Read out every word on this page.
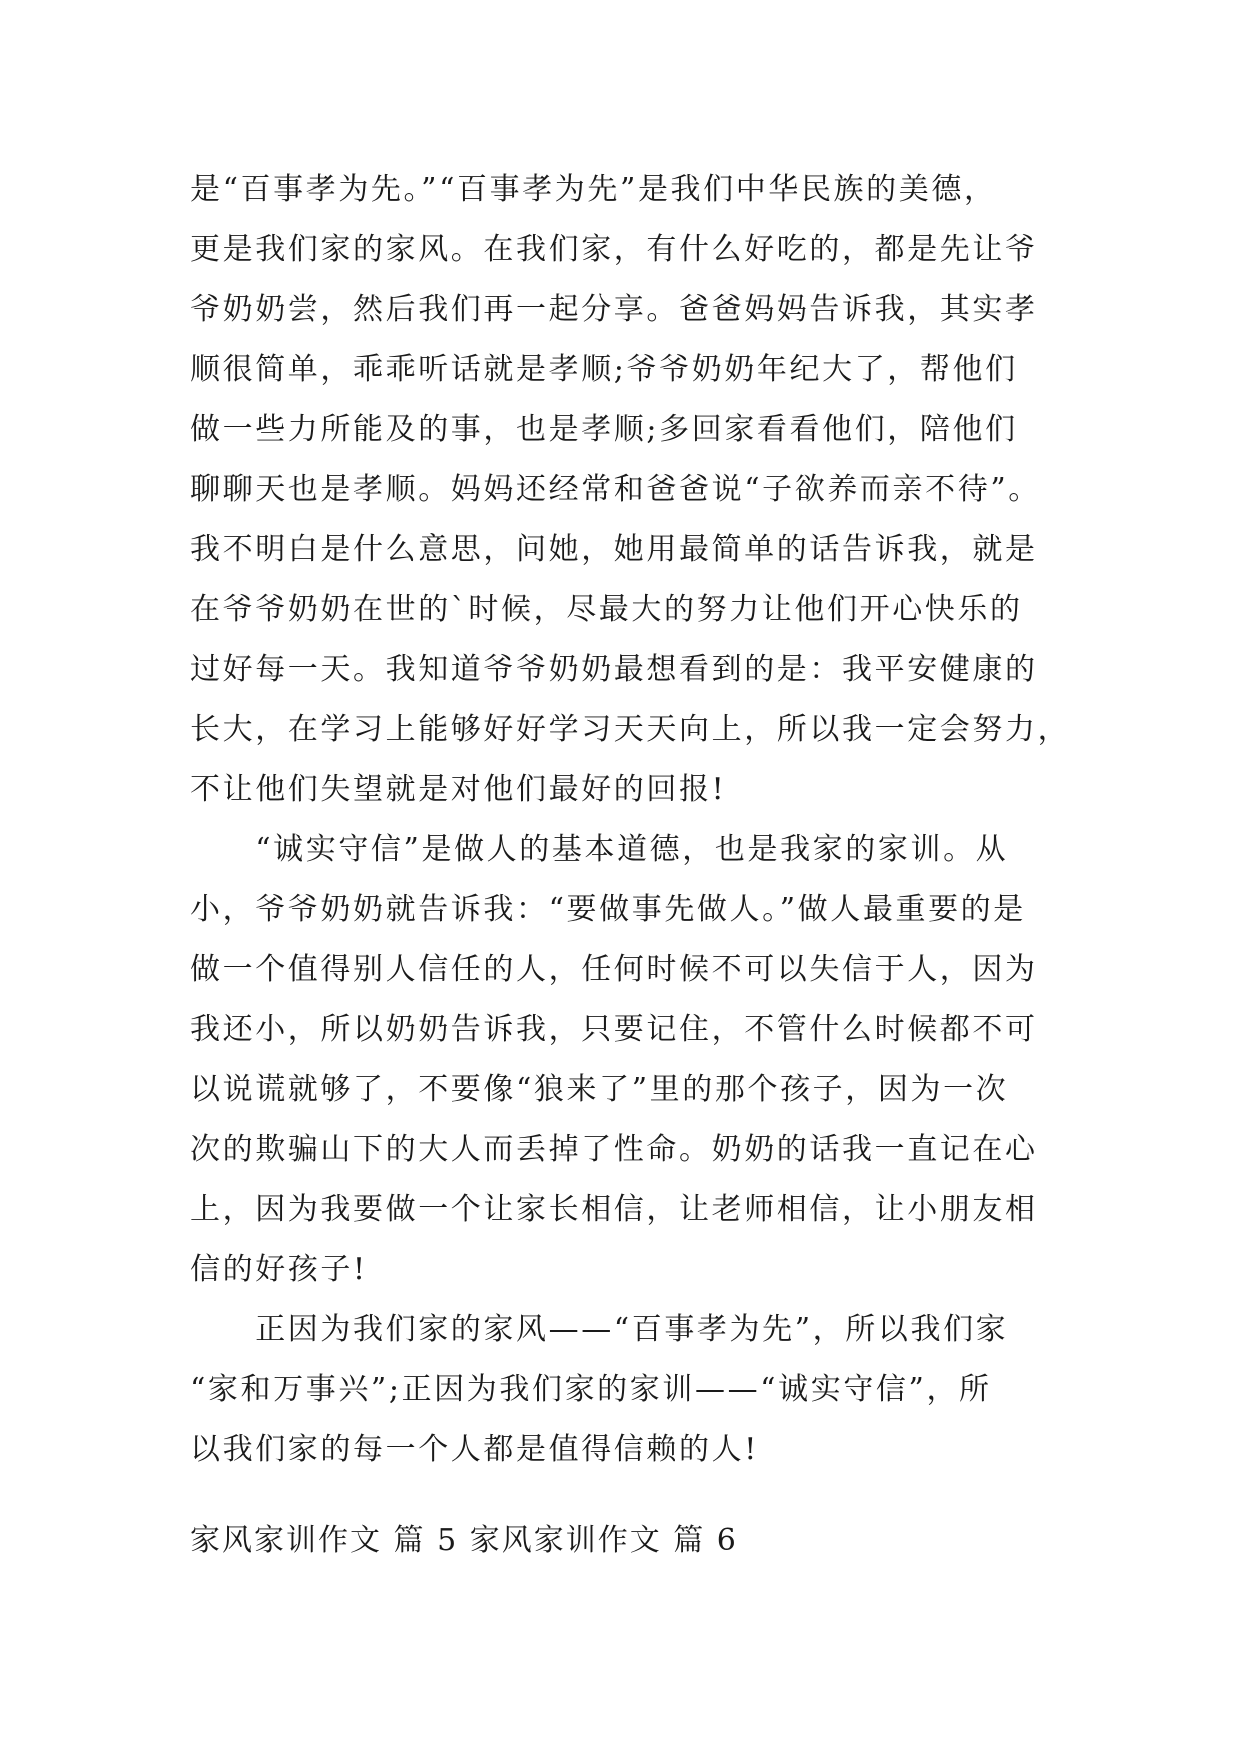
是“百事孝为先。”“百事孝为先”是我们中华民族的美德，
更是我们家的家风。在我们家，有什么好吃的，都是先让爷
爷奶奶尝，然后我们再一起分享。爸爸妈妈告诉我，其实孝
顺很简单，乖乖听话就是孝顺;爷爷奶奶年纪大了，帮他们
做一些力所能及的事，也是孝顺;多回家看看他们，陪他们
聊聊天也是孝顺。妈妈还经常和爸爸说“子欲养而亲不待”。
我不明白是什么意思，问她，她用最简单的话告诉我，就是
在爷爷奶奶在世的`时候，尽最大的努力让他们开心快乐的
过好每一天。我知道爷爷奶奶最想看到的是：我平安健康的
长大，在学习上能够好好学习天天向上，所以我一定会努力，
不让他们失望就是对他们最好的回报!
　　“诚实守信”是做人的基本道德，也是我家的家训。从
小，爷爷奶奶就告诉我：“要做事先做人。”做人最重要的是
做一个值得别人信任的人，任何时候不可以失信于人，因为
我还小，所以奶奶告诉我，只要记住，不管什么时候都不可
以说谎就够了，不要像“狼来了”里的那个孩子，因为一次
次的欺骗山下的大人而丢掉了性命。奶奶的话我一直记在心
上，因为我要做一个让家长相信，让老师相信，让小朋友相
信的好孩子!
　　正因为我们家的家风——“百事孝为先”，所以我们家
“家和万事兴”;正因为我们家的家训——“诚实守信”，所
以我们家的每一个人都是值得信赖的人!
家风家训作文 篇 5 家风家训作文 篇 6
